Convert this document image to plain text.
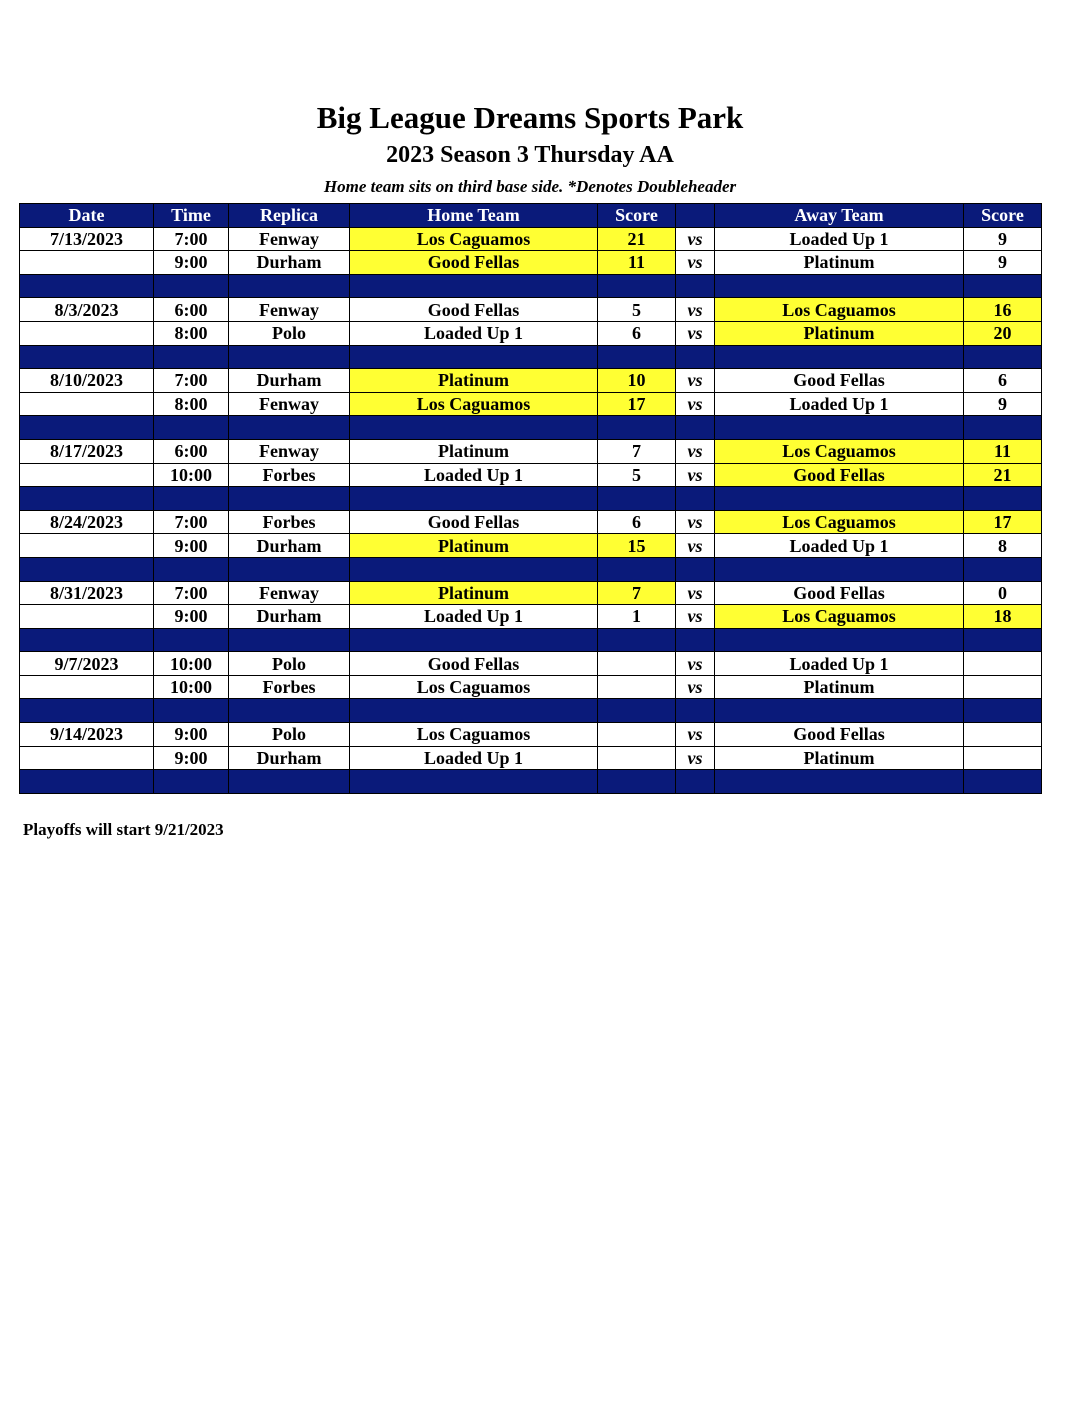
Big League Dreams Sports Park
2023 Season 3 Thursday AA
Home team sits on third base side. *Denotes Doubleheader
Date	Time	Replica	Home Team	Score		Away Team	Score
7/13/2023	7:00	Fenway	Los Caguamos	21	vs	Loaded Up 1	9
	9:00	Durham	Good Fellas	11	vs	Platinum	9

8/3/2023	6:00	Fenway	Good Fellas	5	vs	Los Caguamos	16
	8:00	Polo	Loaded Up 1	6	vs	Platinum	20

8/10/2023	7:00	Durham	Platinum	10	vs	Good Fellas	6
	8:00	Fenway	Los Caguamos	17	vs	Loaded Up 1	9

8/17/2023	6:00	Fenway	Platinum	7	vs	Los Caguamos	11
	10:00	Forbes	Loaded Up 1	5	vs	Good Fellas	21

8/24/2023	7:00	Forbes	Good Fellas	6	vs	Los Caguamos	17
	9:00	Durham	Platinum	15	vs	Loaded Up 1	8

8/31/2023	7:00	Fenway	Platinum	7	vs	Good Fellas	0
	9:00	Durham	Loaded Up 1	1	vs	Los Caguamos	18

9/7/2023	10:00	Polo	Good Fellas		vs	Loaded Up 1	
	10:00	Forbes	Los Caguamos		vs	Platinum	

9/14/2023	9:00	Polo	Los Caguamos		vs	Good Fellas	
	9:00	Durham	Loaded Up 1		vs	Platinum	

Playoffs will start 9/21/2023
